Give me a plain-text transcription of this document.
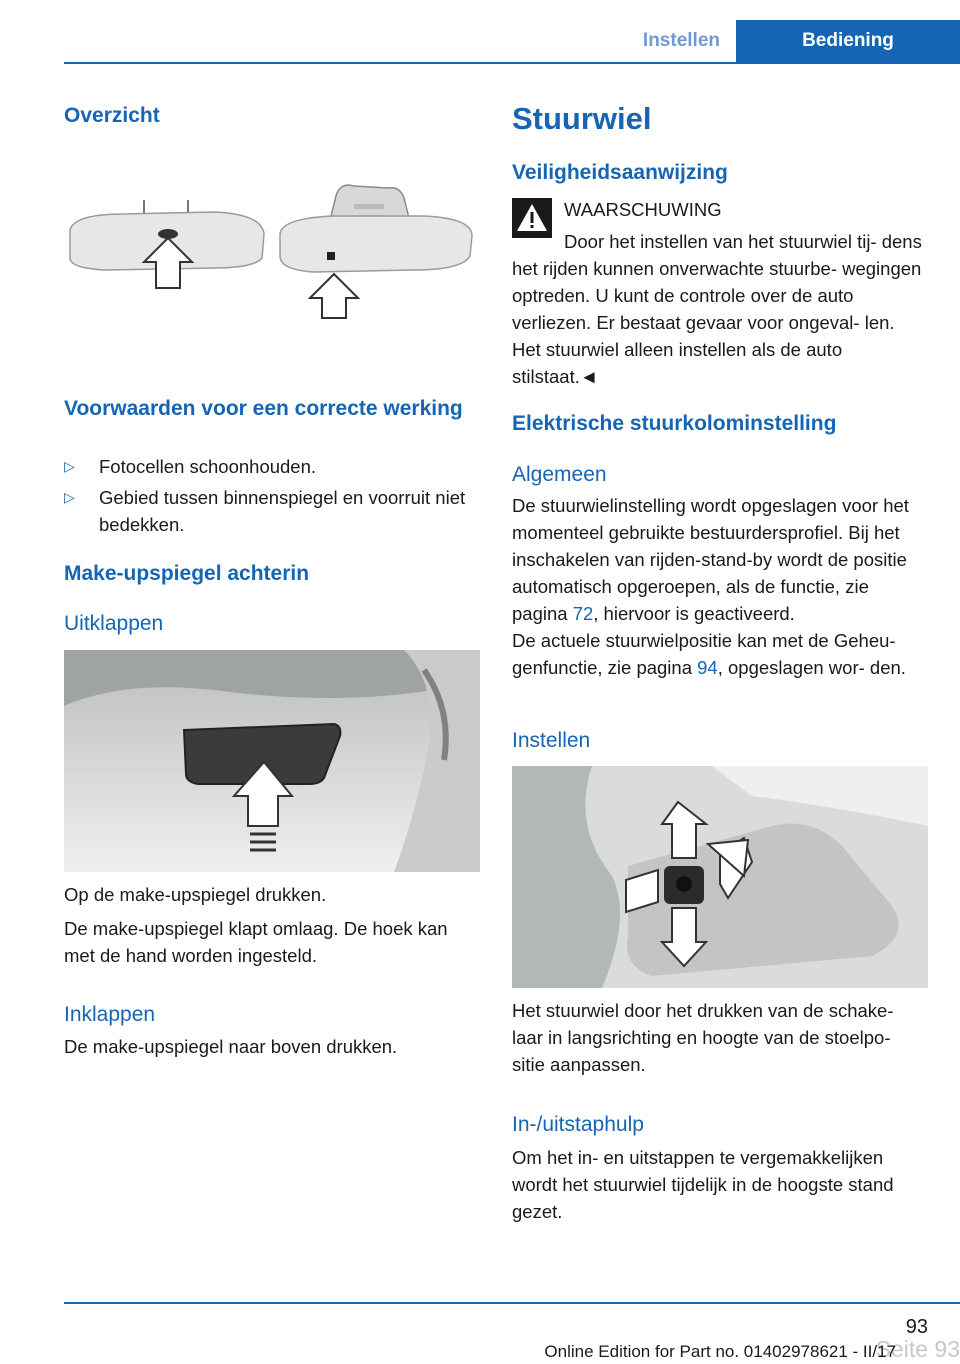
Instellen	Bediening
Overzicht
Voorwaarden voor een correcte werking
▷ Fotocellen schoonhouden.
▷ Gebied tussen binnenspiegel en voorruit niet bedekken.
Make-upspiegel achterin
Uitklappen

Op de make-upspiegel drukken.

De make-upspiegel klapt omlaag. De hoek kan met de hand worden ingesteld.

Inklappen

De make-upspiegel naar boven drukken.

Stuurwiel
Veiligheidsaanwijzing

WAARSCHUWING

Door het instellen van het stuurwiel tij- dens het rijden kunnen onverwachte stuurbe- wegingen optreden. U kunt de controle over de auto verliezen. Er bestaat gevaar voor ongeval- len. Het stuurwiel alleen instellen als de auto stilstaat.◄

Elektrische stuurkolominstelling
Algemeen

De stuurwielinstelling wordt opgeslagen voor het momenteel gebruikte bestuurdersprofiel. Bij het inschakelen van rijden-stand-by wordt de positie automatisch opgeroepen, als de functie, zie pagina 72, hiervoor is geactiveerd.

De actuele stuurwielpositie kan met de Geheu- genfunctie, zie pagina 94, opgeslagen wor- den.

Instellen

Het stuurwiel door het drukken van de schake- laar in langsrichting en hoogte van de stoelpo- sitie aanpassen.

In-/uitstaphulp

Om het in- en uitstappen te vergemakkelijken wordt het stuurwiel tijdelijk in de hoogste stand gezet.

Seite 93
93
Online Edition for Part no. 01402978621 - II/17
